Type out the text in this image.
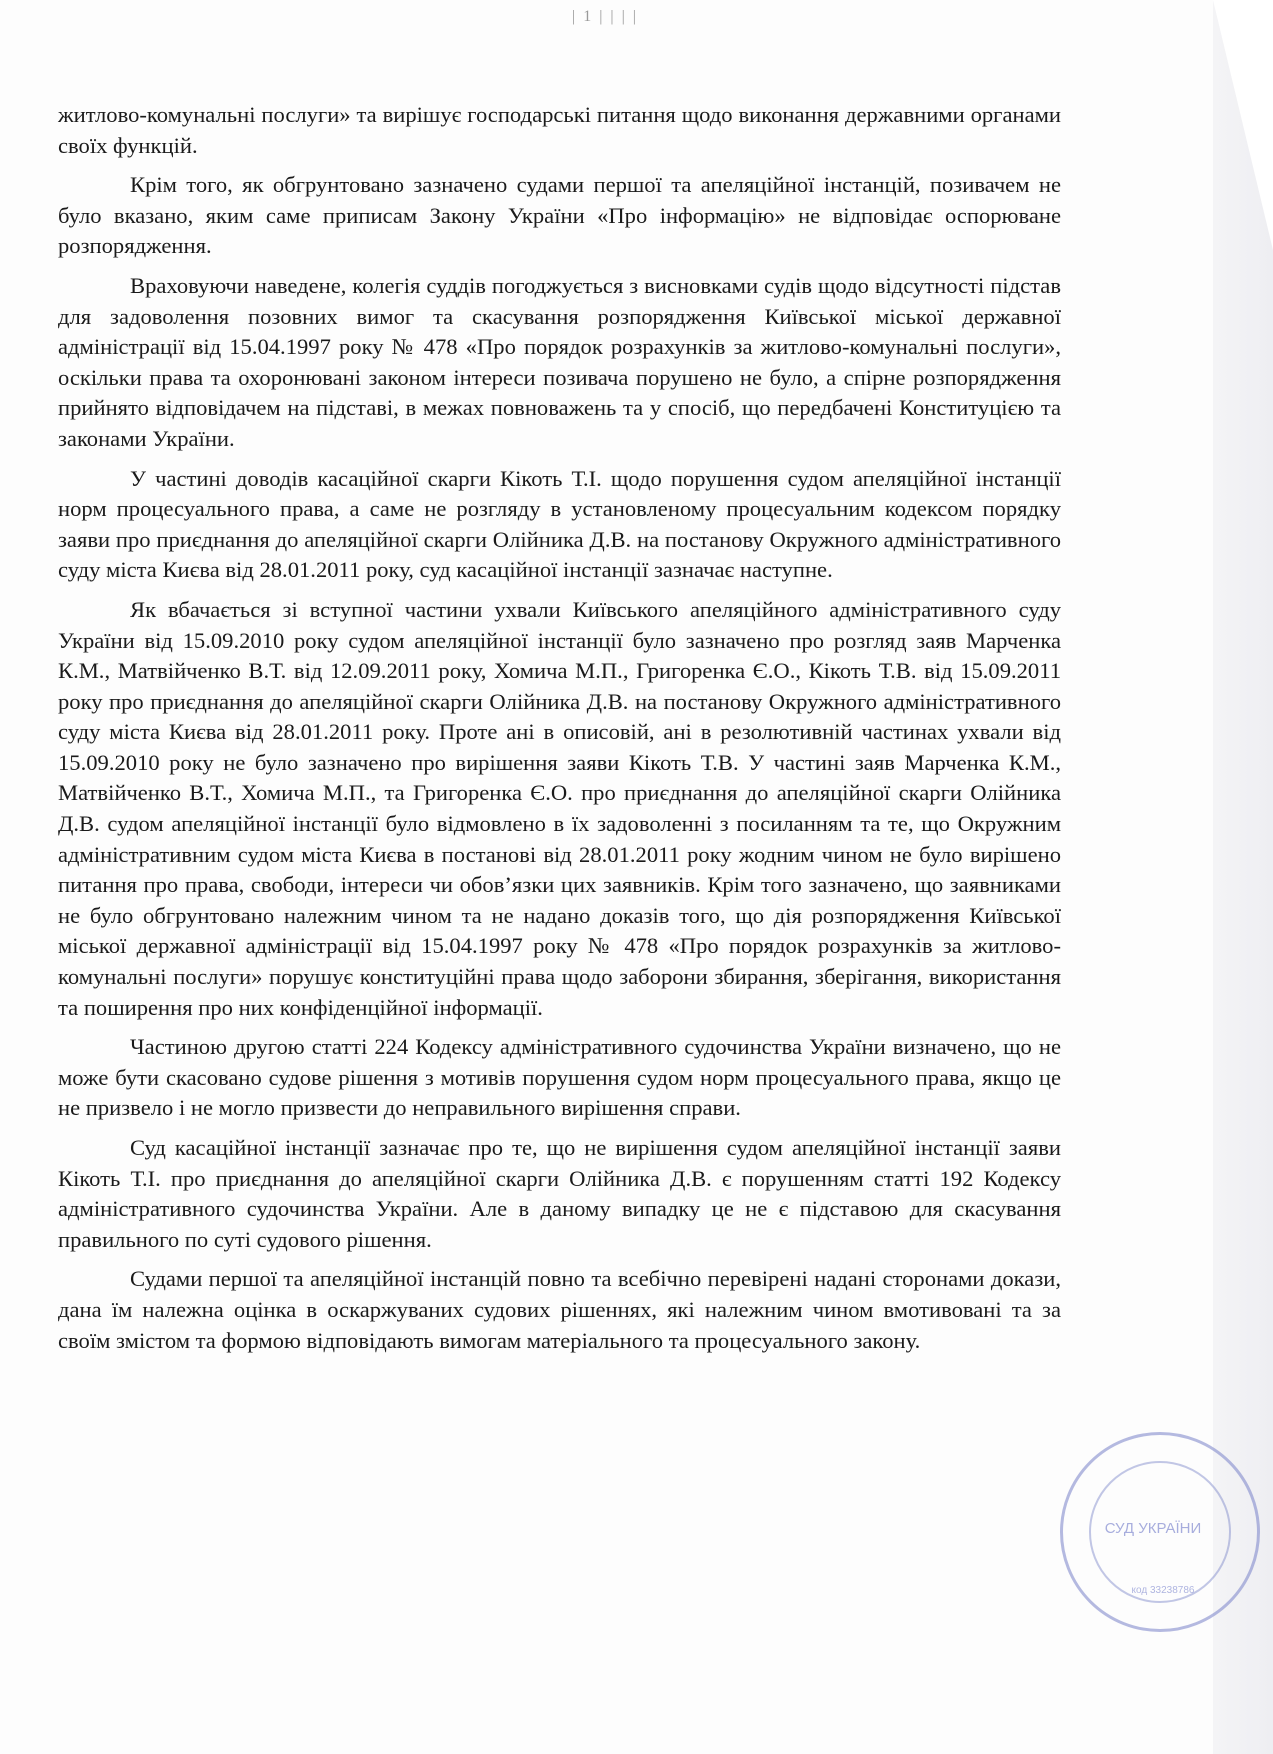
| 1 | | | |

житлово-комунальні послуги» та вирішує господарські питання щодо виконання державними органами своїх функцій.

Крім того, як обгрунтовано зазначено судами першої та апеляційної інстанцій, позивачем не було вказано, яким саме приписам Закону України «Про інформацію» не відповідає оспорюване розпорядження.

Враховуючи наведене, колегія суддів погоджується з висновками судів щодо відсутності підстав для задоволення позовних вимог та скасування розпорядження Київської міської державної адміністрації від 15.04.1997 року № 478 «Про порядок розрахунків за житлово-комунальні послуги», оскільки права та охоронювані законом інтереси позивача порушено не було, а спірне розпорядження прийнято відповідачем на підставі, в межах повноважень та у спосіб, що передбачені Конституцією та законами України.

У частині доводів касаційної скарги Кікоть Т.І. щодо порушення судом апеляційної інстанції норм процесуального права, а саме не розгляду в установленому процесуальним кодексом порядку заяви про приєднання до апеляційної скарги Олійника Д.В. на постанову Окружного адміністративного суду міста Києва від 28.01.2011 року, суд касаційної інстанції зазначає наступне.

Як вбачається зі вступної частини ухвали Київського апеляційного адміністративного суду України від 15.09.2010 року судом апеляційної інстанції було зазначено про розгляд заяв Марченка К.М., Матвійченко В.Т. від 12.09.2011 року, Хомича М.П., Григоренка Є.О., Кікоть Т.В. від 15.09.2011 року про приєднання до апеляційної скарги Олійника Д.В. на постанову Окружного адміністративного суду міста Києва від 28.01.2011 року. Проте ані в описовій, ані в резолютивній частинах ухвали від 15.09.2010 року не було зазначено про вирішення заяви Кікоть Т.В. У частині заяв Марченка К.М., Матвійченко В.Т., Хомича М.П., та Григоренка Є.О. про приєднання до апеляційної скарги Олійника Д.В. судом апеляційної інстанції було відмовлено в їх задоволенні з посиланням та те, що Окружним адміністративним судом міста Києва в постанові від 28.01.2011 року жодним чином не було вирішено питання про права, свободи, інтереси чи обов’язки цих заявників. Крім того зазначено, що заявниками не було обгрунтовано належним чином та не надано доказів того, що дія розпорядження Київської міської державної адміністрації від 15.04.1997 року № 478 «Про порядок розрахунків за житлово-комунальні послуги» порушує конституційні права щодо заборони збирання, зберігання, використання та поширення про них конфіденційної інформації.

Частиною другою статті 224 Кодексу адміністративного судочинства України визначено, що не може бути скасовано судове рішення з мотивів порушення судом норм процесуального права, якщо це не призвело і не могло призвести до неправильного вирішення справи.

Суд касаційної інстанції зазначає про те, що не вирішення судом апеляційної інстанції заяви Кікоть Т.І. про приєднання до апеляційної скарги Олійника Д.В. є порушенням статті 192 Кодексу адміністративного судочинства України. Але в даному випадку це не є підставою для скасування правильного по суті судового рішення.

Судами першої та апеляційної інстанцій повно та всебічно перевірені надані сторонами докази, дана їм належна оцінка в оскаржуваних судових рішеннях, які належним чином вмотивовані та за своїм змістом та формою відповідають вимогам матеріального та процесуального закону.

СУД УКРАЇНИ
код 33238786
